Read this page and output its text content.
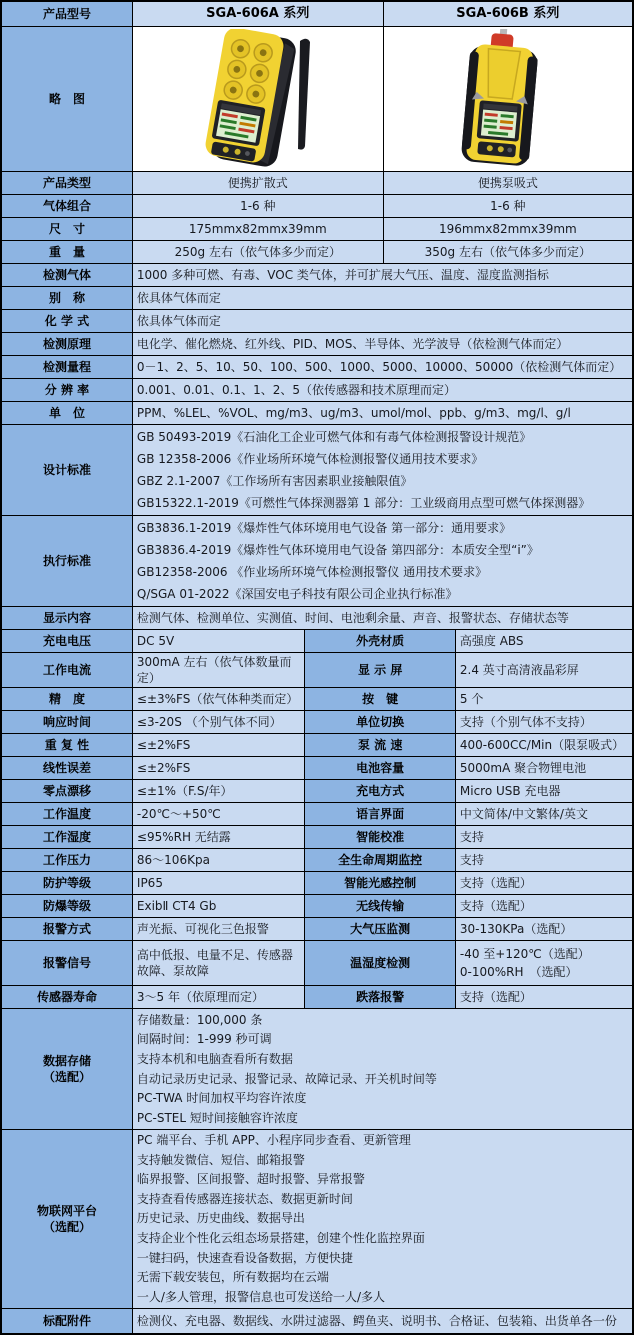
产品型号	SGA-606A 系列		SGA-606B 系列	
略　图	

产品类型	便携扩散式		便携泵吸式	
气体组合	1-6 种		1-6 种	
尺　寸	175mmx82mmx39mm		196mmx82mmx39mm	
重　量	250g 左右（依气体多少而定）		350g 左右（依气体多少而定）	
检测气体	1000 多种可燃、有毒、VOC 类气体，并可扩展大气压、温度、湿度监测指标			
别　称	依具体气体而定			
化 学 式	依具体气体而定			
检测原理	电化学、催化燃烧、红外线、PID、MOS、半导体、光学波导（依检测气体而定）			
检测量程	0－1、2、5、10、50、100、500、1000、5000、10000、50000（依检测气体而定）			
分 辨 率	0.001、0.01、0.1、1、2、5（依传感器和技术原理而定）			
单　位	PPM、%LEL、%VOL、mg/m3、ug/m3、umol/mol、ppb、g/m3、mg/l、g/l			
设计标准	GB 50493-2019《石油化工企业可燃气体和有毒气体检测报警设计规范》
GB 12358-2006《作业场所环境气体检测报警仪通用技术要求》
GBZ 2.1-2007《工作场所有害因素职业接触限值》
GB15322.1-2019《可燃性气体探测器第 1 部分：工业级商用点型可燃气体探测器》			

执行标准	GB3836.1-2019《爆炸性气体环境用电气设备 第一部分：通用要求》
GB3836.4-2019《爆炸性气体环境用电气设备 第四部分：本质安全型“i”》
GB12358-2006 《作业场所环境气体检测报警仪 通用技术要求》
Q/SGA 01-2022《深国安电子科技有限公司企业执行标准》			

显示内容	检测气体、检测单位、实测值、时间、电池剩余量、声音、报警状态、存储状态等			
充电电压	DC 5V	外壳材质		高强度 ABS
工作电流	300mA 左右（依气体数量而定）	显 示 屏		2.4 英寸高清液晶彩屏
精　度	≤±3%FS（依气体种类而定）	按　键		5 个
响应时间	≤3-20S （个别气体不同）	单位切换		支持（个别气体不支持）
重 复 性	≤±2%FS	泵 流 速		400-600CC/Min（限泵吸式）
线性误差	≤±2%FS	电池容量		5000mA 聚合物锂电池
零点漂移	≤±1%（F.S/年）	充电方式		Micro USB 充电器
工作温度	-20℃～+50℃	语言界面		中文简体/中文繁体/英文
工作湿度	≤95%RH 无结露	智能校准		支持
工作压力	86～106Kpa	全生命周期监控		支持
防护等级	IP65	智能光感控制		支持（选配）
防爆等级	ExibⅡ CT4 Gb	无线传输		支持（选配）
报警方式	声光振、可视化三色报警	大气压监测		30-130KPa（选配）
报警信号	高中低报、电量不足、传感器故障、泵故障	温湿度检测		-40 至+120℃（选配）
0-100%RH　（选配）

传感器寿命	3～5 年（依原理而定）	跌落报警		支持（选配）

数据存储
（选配）

存储数量：100,000 条
间隔时间：1-999 秒可调
支持本机和电脑查看所有数据
自动记录历史记录、报警记录、故障记录、开关机时间等
PC-TWA 时间加权平均容许浓度
PC-STEL 短时间接触容许浓度

物联网平台
（选配）

PC 端平台、手机 APP、小程序同步查看、更新管理
支持触发微信、短信、邮箱报警
临界报警、区间报警、超时报警、异常报警
支持查看传感器连接状态、数据更新时间
历史记录、历史曲线、数据导出
支持企业个性化云组态场景搭建，创建个性化监控界面
一键扫码，快速查看设备数据，方便快捷
无需下载安装包，所有数据均在云端
一人/多人管理，报警信息也可发送给一人/多人

标配附件	检测仪、充电器、数据线、水阱过滤器、鳄鱼夹、说明书、合格证、包装箱、出货单各一份			
